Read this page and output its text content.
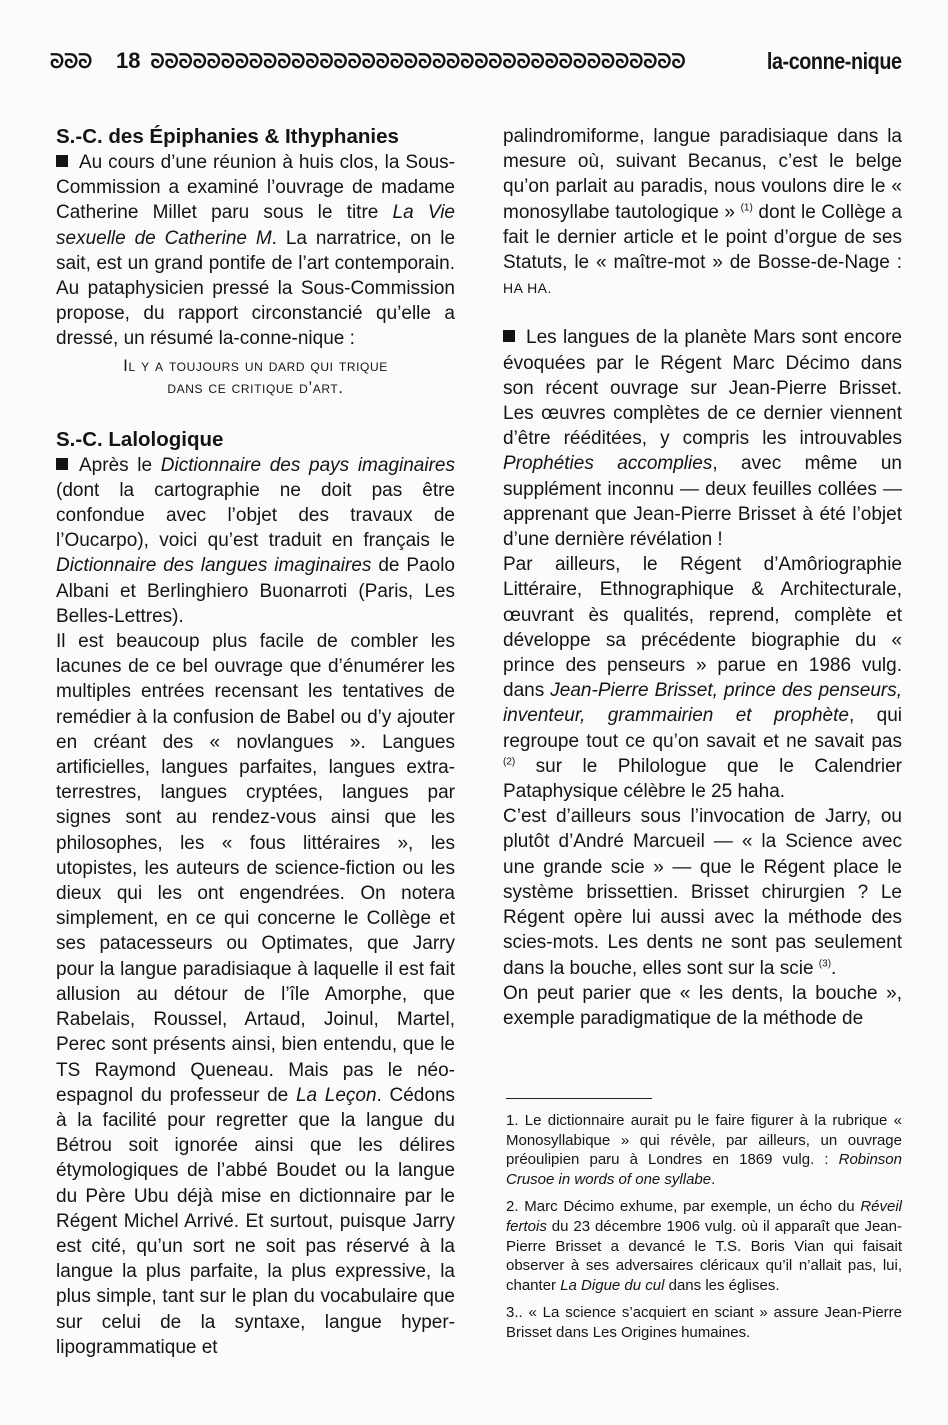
ᘐᘐᘐ	18 ᘐᘐᘐᘐᘐᘐᘐᘐᘐᘐᘐᘐᘐᘐᘐᘐᘐᘐᘐᘐᘐᘐᘐᘐᘐᘐᘐᘐᘐᘐᘐᘐᘐᘐᘐᘐᘐᘐ	la-conne-nique
S.-C. des Épiphanies & Ithyphanies

Au cours d’une réunion à huis clos, la Sous-Commission a examiné l’ouvrage de madame Catherine Millet paru sous le titre La Vie sexuelle de Catherine M. La narratrice, on le sait, est un grand pontife de l’art contemporain. Au pataphysicien pressé la Sous-Commission propose, du rapport circonstancié qu’elle a dressé, un résumé la-conne-nique :

Il y a toujours un dard qui trique
dans ce critique d’art.
S.-C. Lalologique

Après le Dictionnaire des pays imaginaires (dont la cartographie ne doit pas être confondue avec l’objet des travaux de l’Oucarpo), voici qu’est traduit en français le Dictionnaire des langues imaginaires de Paolo Albani et Berlinghiero Buonarroti (Paris, Les Belles-Lettres).

Il est beaucoup plus facile de combler les lacunes de ce bel ouvrage que d’énumérer les multiples entrées recensant les tentatives de remédier à la confusion de Babel ou d’y ajouter en créant des « novlangues ». Langues artificielles, langues parfaites, langues extra-terrestres, langues cryptées, langues par signes sont au rendez-vous ainsi que les philosophes, les « fous littéraires », les utopistes, les auteurs de science-fiction ou les dieux qui les ont engendrées. On notera simplement, en ce qui concerne le Collège et ses patacesseurs ou Optimates, que Jarry pour la langue paradisiaque à laquelle il est fait allusion au détour de l’île Amorphe, que Rabelais, Roussel, Artaud, Joinul, Martel, Perec sont présents ainsi, bien entendu, que le TS Raymond Queneau. Mais pas le néo-espagnol du professeur de La Leçon. Cédons à la facilité pour regretter que la langue du Bétrou soit ignorée ainsi que les délires étymologiques de l’abbé Boudet ou la langue du Père Ubu déjà mise en dictionnaire par le Régent Michel Arrivé. Et surtout, puisque Jarry est cité, qu’un sort ne soit pas réservé à la langue la plus parfaite, la plus expressive, la plus simple, tant sur le plan du vocabulaire que sur celui de la syntaxe, langue hyper-lipogrammatique et

palindromiforme, langue paradisiaque dans la mesure où, suivant Becanus, c’est le belge qu’on parlait au paradis, nous voulons dire le « monosyllabe tautologique » $^{(1)}$ dont le Collège a fait le dernier article et le point d’orgue de ses Statuts, le « maître-mot » de Bosse-de-Nage : HA HA.

Les langues de la planète Mars sont encore évoquées par le Régent Marc Décimo dans son récent ouvrage sur Jean-Pierre Brisset. Les œuvres complètes de ce dernier viennent d’être rééditées, y compris les introuvables Prophéties accomplies, avec même un supplément inconnu — deux feuilles collées — apprenant que Jean-Pierre Brisset à été l’objet d’une dernière révélation !

Par ailleurs, le Régent d’Amôriographie Littéraire, Ethnographique & Architecturale, œuvrant ès qualités, reprend, complète et développe sa précédente biographie du « prince des penseurs » parue en 1986 vulg. dans Jean-Pierre Brisset, prince des penseurs, inventeur, grammairien et prophète, qui regroupe tout ce qu’on savait et ne savait pas $^{(2)}$ sur le Philologue que le Calendrier Pataphysique célèbre le 25 haha.

C’est d’ailleurs sous l’invocation de Jarry, ou plutôt d’André Marcueil — « la Science avec une grande scie » — que le Régent place le système brissettien. Brisset chirurgien ? Le Régent opère lui aussi avec la méthode des scies-mots. Les dents ne sont pas seulement dans la bouche, elles sont sur la scie $^{(3)}$.

On peut parier que « les dents, la bouche », exemple paradigmatique de la méthode de

1. Le dictionnaire aurait pu le faire figurer à la rubrique « Monosyllabique » qui révèle, par ailleurs, un ouvrage préoulipien paru à Londres en 1869 vulg. : Robinson Crusoe in words of one syllabe.

2. Marc Décimo exhume, par exemple, un écho du Réveil fertois du 23 décembre 1906 vulg. où il apparaît que Jean-Pierre Brisset a devancé le T.S. Boris Vian qui faisait observer à ses adversaires cléricaux qu’il n’allait pas, lui, chanter La Digue du cul dans les églises.

3.. « La science s’acquiert en sciant » assure Jean-Pierre Brisset dans Les Origines humaines.
